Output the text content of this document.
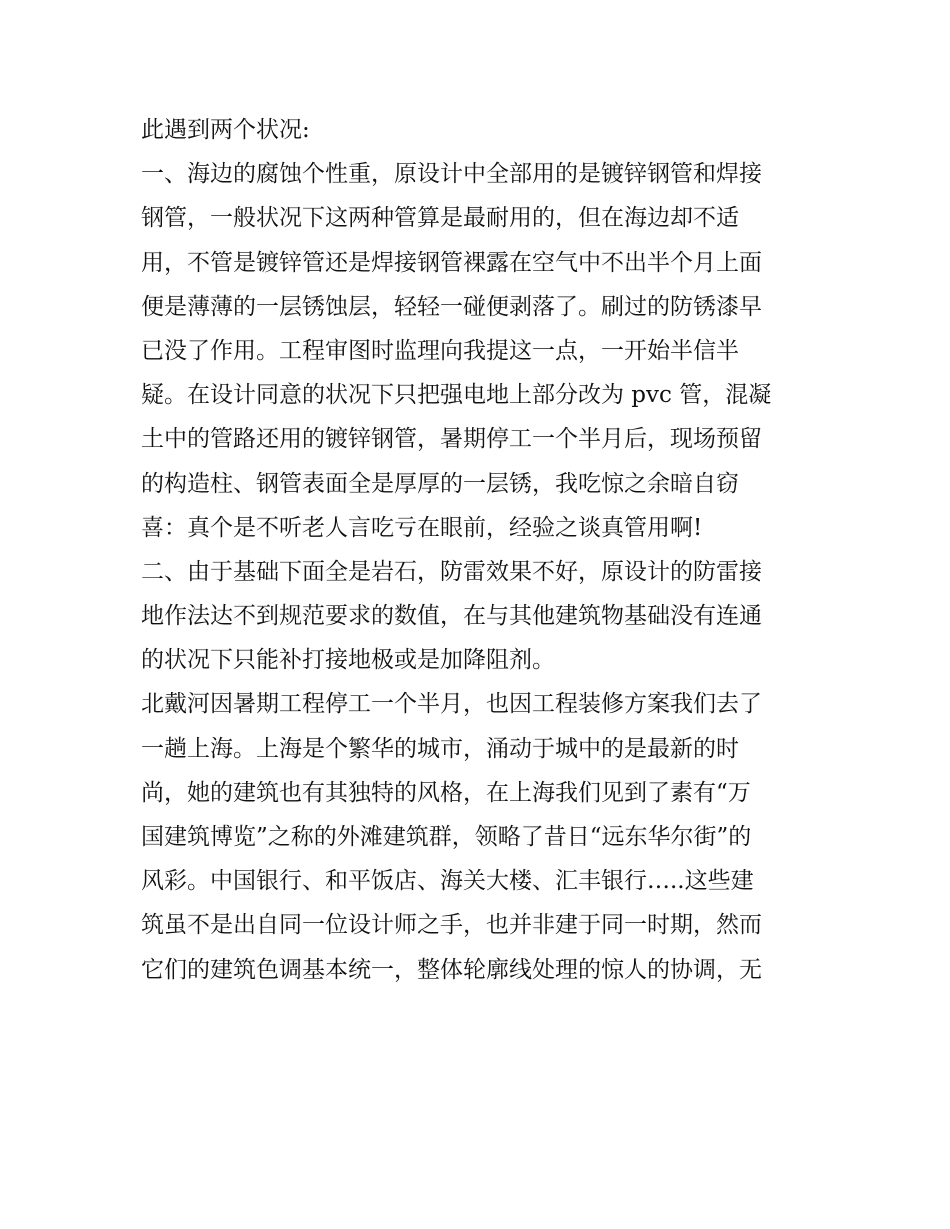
此遇到两个状况:
一、海边的腐蚀个性重，原设计中全部用的是镀锌钢管和焊接
钢管，一般状况下这两种管算是最耐用的，但在海边却不适
用，不管是镀锌管还是焊接钢管裸露在空气中不出半个月上面
便是薄薄的一层锈蚀层，轻轻一碰便剥落了。刷过的防锈漆早
已没了作用。工程审图时监理向我提这一点，一开始半信半
疑。在设计同意的状况下只把强电地上部分改为 pvc 管，混凝
土中的管路还用的镀锌钢管，暑期停工一个半月后，现场预留
的构造柱、钢管表面全是厚厚的一层锈，我吃惊之余暗自窃
喜：真个是不听老人言吃亏在眼前，经验之谈真管用啊!
二、由于基础下面全是岩石，防雷效果不好，原设计的防雷接
地作法达不到规范要求的数值，在与其他建筑物基础没有连通
的状况下只能补打接地极或是加降阻剂。
北戴河因暑期工程停工一个半月，也因工程装修方案我们去了
一趟上海。上海是个繁华的城市，涌动于城中的是最新的时
尚，她的建筑也有其独特的风格，在上海我们见到了素有“万
国建筑博览”之称的外滩建筑群，领略了昔日“远东华尔街”的
风彩。中国银行、和平饭店、海关大楼、汇丰银行…..这些建
筑虽不是出自同一位设计师之手，也并非建于同一时期，然而
它们的建筑色调基本统一，整体轮廓线处理的惊人的协调，无
